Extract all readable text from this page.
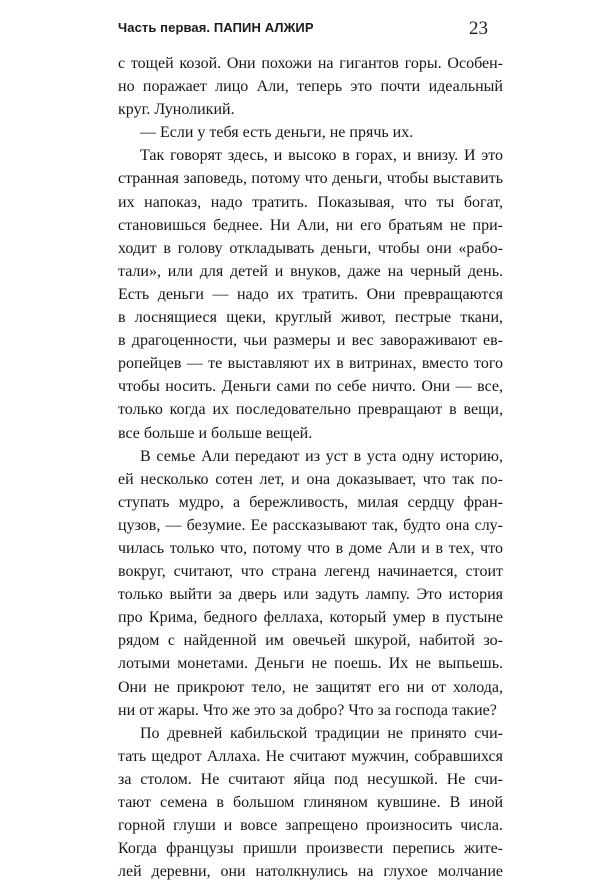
Часть первая. ПАПИН АЛЖИР	23
с тощей козой. Они похожи на гигантов горы. Особен-
но поражает лицо Али, теперь это почти идеальный
круг. Луноликий.
— Если у тебя есть деньги, не прячь их.
Так говорят здесь, и высоко в горах, и внизу. И это
странная заповедь, потому что деньги, чтобы выставить
их напоказ, надо тратить. Показывая, что ты богат,
становишься беднее. Ни Али, ни его братьям не при-
ходит в голову откладывать деньги, чтобы они «рабо-
тали», или для детей и внуков, даже на черный день.
Есть деньги — надо их тратить. Они превращаются
в лоснящиеся щеки, круглый живот, пестрые ткани,
в драгоценности, чьи размеры и вес завораживают ев-
ропейцев — те выставляют их в витринах, вместо того
чтобы носить. Деньги сами по себе ничто. Они — все,
только когда их последовательно превращают в вещи,
все больше и больше вещей.
В семье Али передают из уст в уста одну историю,
ей несколько сотен лет, и она доказывает, что так по-
ступать мудро, а бережливость, милая сердцу фран-
цузов, — безумие. Ее рассказывают так, будто она слу-
чилась только что, потому что в доме Али и в тех, что
вокруг, считают, что страна легенд начинается, стоит
только выйти за дверь или задуть лампу. Это история
про Крима, бедного феллаха, который умер в пустыне
рядом с найденной им овечьей шкурой, набитой зо-
лотыми монетами. Деньги не поешь. Их не выпьешь.
Они не прикроют тело, не защитят его ни от холода,
ни от жары. Что же это за добро? Что за господа такие?
По древней кабильской традиции не принято счи-
тать щедрот Аллаха. Не считают мужчин, собравшихся
за столом. Не считают яйца под несушкой. Не счи-
тают семена в большом глиняном кувшине. В иной
горной глуши и вовсе запрещено произносить числа.
Когда французы пришли произвести перепись жите-
лей деревни, они натолкнулись на глухое молчание
